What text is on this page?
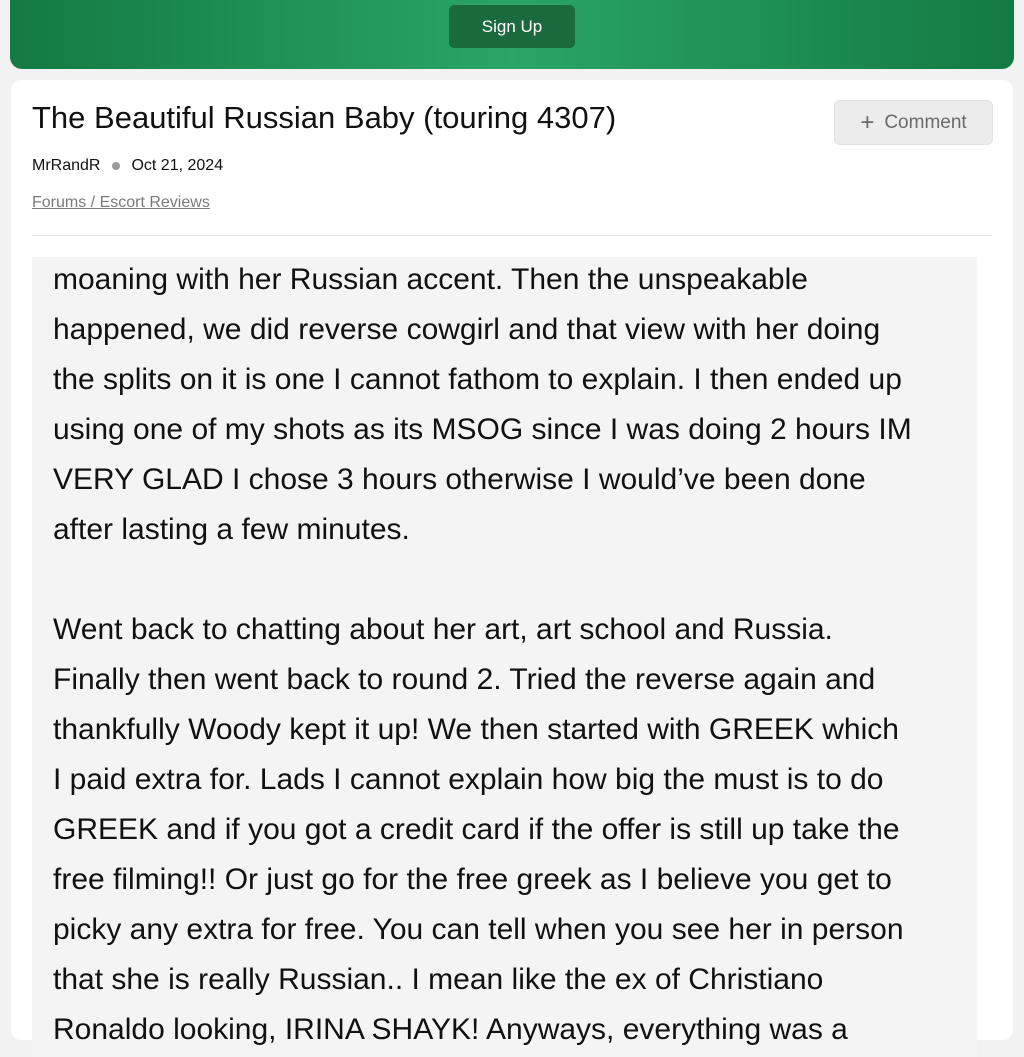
Sign Up
The Beautiful Russian Baby (touring 4307)	+ Comment
MrRandR Oct 21, 2024
Forums / Escort Reviews

moaning with her Russian accent. Then the unspeakable
happened, we did reverse cowgirl and that view with her doing
the splits on it is one I cannot fathom to explain. I then ended up
using one of my shots as its MSOG since I was doing 2 hours IM
VERY GLAD I chose 3 hours otherwise I would’ve been done
after lasting a few minutes.

Went back to chatting about her art, art school and Russia.
Finally then went back to round 2. Tried the reverse again and
thankfully Woody kept it up! We then started with GREEK which
I paid extra for. Lads I cannot explain how big the must is to do
GREEK and if you got a credit card if the offer is still up take the
free filming!! Or just go for the free greek as I believe you get to
picky any extra for free. You can tell when you see her in person
that she is really Russian.. I mean like the ex of Christiano
Ronaldo looking, IRINA SHAYK! Anyways, everything was a
